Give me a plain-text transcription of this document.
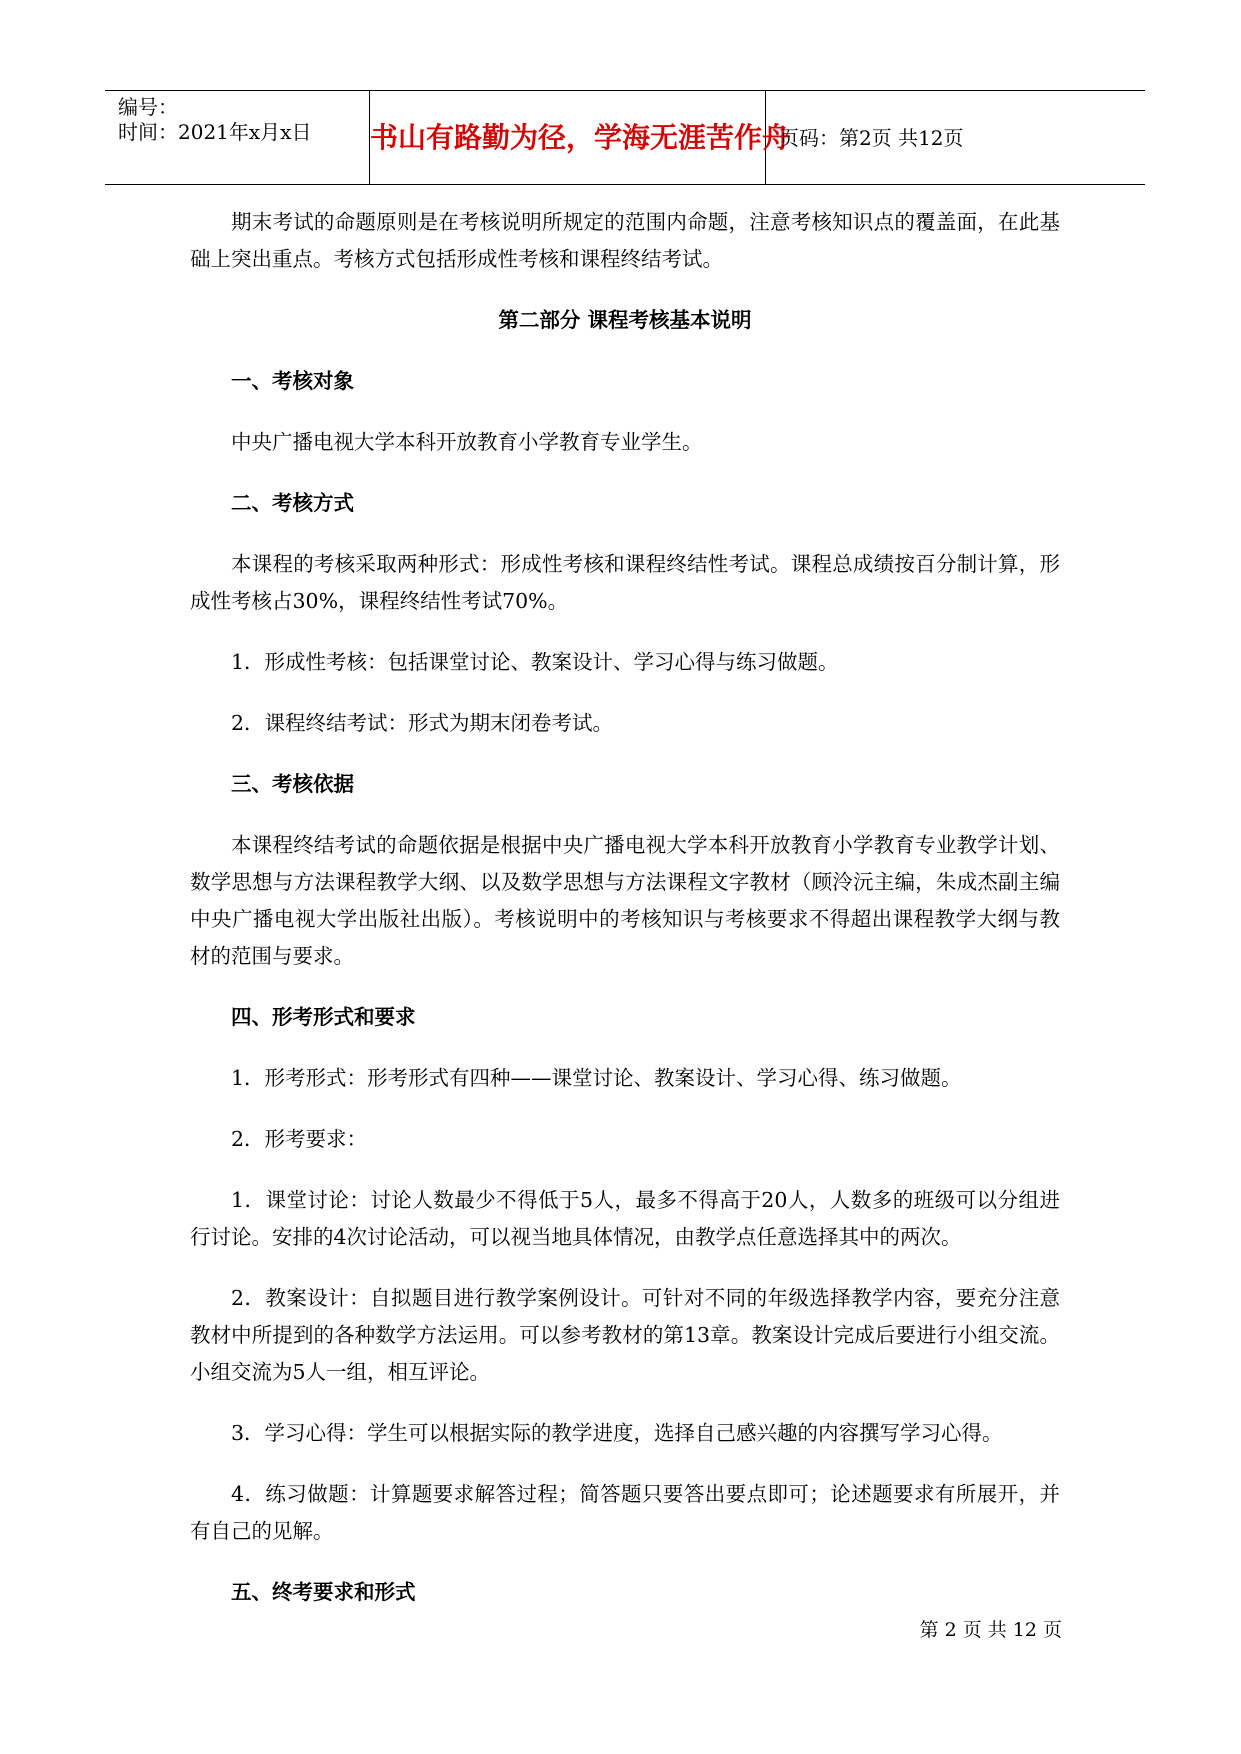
编号：
时间：2021年x月x日 书山有路勤为径，学海无涯苦作舟
页码：第2页 共12页

期末考试的命题原则是在考核说明所规定的范围内命题，注意考核知识点的覆盖面，在此基础上突出重点。考核方式包括形成性考核和课程终结考试。

第二部分 课程考核基本说明

一、考核对象

中央广播电视大学本科开放教育小学教育专业学生。

二、考核方式

本课程的考核采取两种形式：形成性考核和课程终结性考试。课程总成绩按百分制计算，形成性考核占30%，课程终结性考试70%。

1．形成性考核：包括课堂讨论、教案设计、学习心得与练习做题。

2．课程终结考试：形式为期末闭卷考试。

三、考核依据

本课程终结考试的命题依据是根据中央广播电视大学本科开放教育小学教育专业教学计划、数学思想与方法课程教学大纲、以及数学思想与方法课程文字教材（顾泠沅主编，朱成杰副主编 中央广播电视大学出版社出版）。考核说明中的考核知识与考核要求不得超出课程教学大纲与教材的范围与要求。

四、形考形式和要求

1．形考形式：形考形式有四种——课堂讨论、教案设计、学习心得、练习做题。

2．形考要求：

1．课堂讨论：讨论人数最少不得低于5人，最多不得高于20人，人数多的班级可以分组进行讨论。安排的4次讨论活动，可以视当地具体情况，由教学点任意选择其中的两次。

2．教案设计：自拟题目进行教学案例设计。可针对不同的年级选择教学内容，要充分注意教材中所提到的各种数学方法运用。可以参考教材的第13章。教案设计完成后要进行小组交流。小组交流为5人一组，相互评论。

3．学习心得：学生可以根据实际的教学进度，选择自己感兴趣的内容撰写学习心得。

4．练习做题：计算题要求解答过程；简答题只要答出要点即可；论述题要求有所展开，并有自己的见解。

五、终考要求和形式

第 2 页 共 12 页
